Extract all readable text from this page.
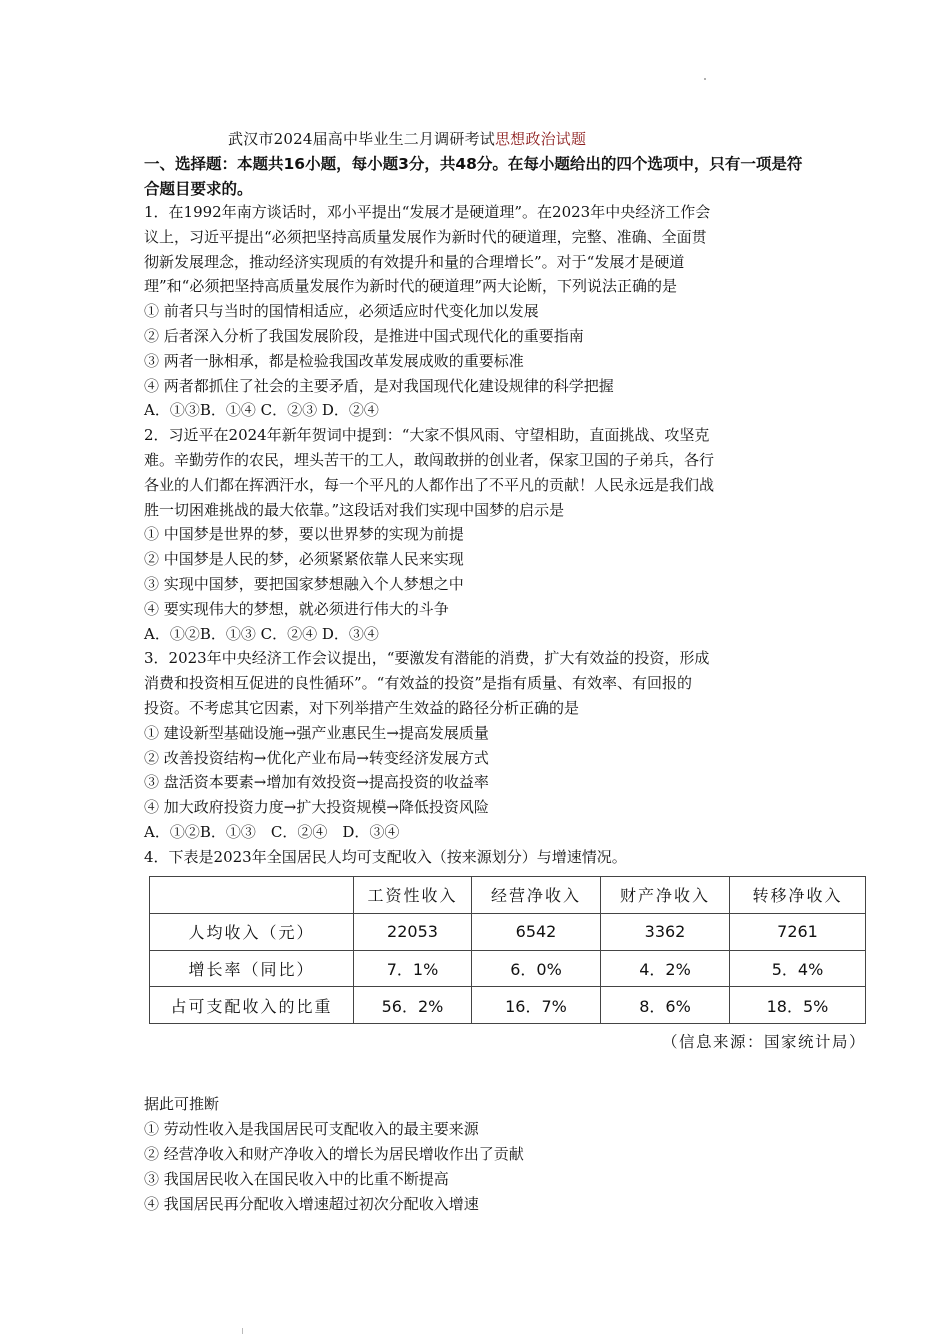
武汉市2024届高中毕业生二月调研考试思想政治试题
一、选择题：本题共16小题，每小题3分，共48分。在每小题给出的四个选项中，只有一项是符合题目要求的。

1．在1992年南方谈话时，邓小平提出“发展才是硬道理”。在2023年中央经济工作会

议上，习近平提出“必须把坚持高质量发展作为新时代的硬道理，完整、准确、全面贯

彻新发展理念，推动经济实现质的有效提升和量的合理增长”。对于“发展才是硬道

理”和“必须把坚持高质量发展作为新时代的硬道理”两大论断，下列说法正确的是

① 前者只与当时的国情相适应，必须适应时代变化加以发展

② 后者深入分析了我国发展阶段，是推进中国式现代化的重要指南

③ 两者一脉相承，都是检验我国改革发展成败的重要标准

④ 两者都抓住了社会的主要矛盾，是对我国现代化建设规律的科学把握

A．①③B．①④ C．②③ D．②④

2．习近平在2024年新年贺词中提到：“大家不惧风雨、守望相助，直面挑战、攻坚克

难。辛勤劳作的农民，埋头苦干的工人，敢闯敢拼的创业者，保家卫国的子弟兵，各行

各业的人们都在挥洒汗水，每一个平凡的人都作出了不平凡的贡献！人民永远是我们战

胜一切困难挑战的最大依靠。”这段话对我们实现中国梦的启示是

① 中国梦是世界的梦，要以世界梦的实现为前提

② 中国梦是人民的梦，必须紧紧依靠人民来实现

③ 实现中国梦，要把国家梦想融入个人梦想之中

④ 要实现伟大的梦想，就必须进行伟大的斗争

A．①②B．①③ C．②④ D．③④

3．2023年中央经济工作会议提出，“要激发有潜能的消费，扩大有效益的投资，形成

消费和投资相互促进的良性循环”。“有效益的投资”是指有质量、有效率、有回报的

投资。不考虑其它因素，对下列举措产生效益的路径分析正确的是

① 建设新型基础设施→强产业惠民生→提高发展质量

② 改善投资结构→优化产业布局→转变经济发展方式

③ 盘活资本要素→增加有效投资→提高投资的收益率

④ 加大政府投资力度→扩大投资规模→降低投资风险

A．①②B．①③　C．②④　D．③④

4．下表是2023年全国居民人均可支配收入（按来源划分）与增速情况。

	工资性收入	经营净收入	财产净收入	转移净收入
人均收入（元）	22053	6542	3362	7261
增长率（同比）	7．1%	6．0%	4．2%	5．4%
占可支配收入的比重	56．2%	16．7%	8．6%	18．5%
（信息来源：国家统计局）

据此可推断

① 劳动性收入是我国居民可支配收入的最主要来源

② 经营净收入和财产净收入的增长为居民增收作出了贡献

③ 我国居民收入在国民收入中的比重不断提高

④ 我国居民再分配收入增速超过初次分配收入增速
